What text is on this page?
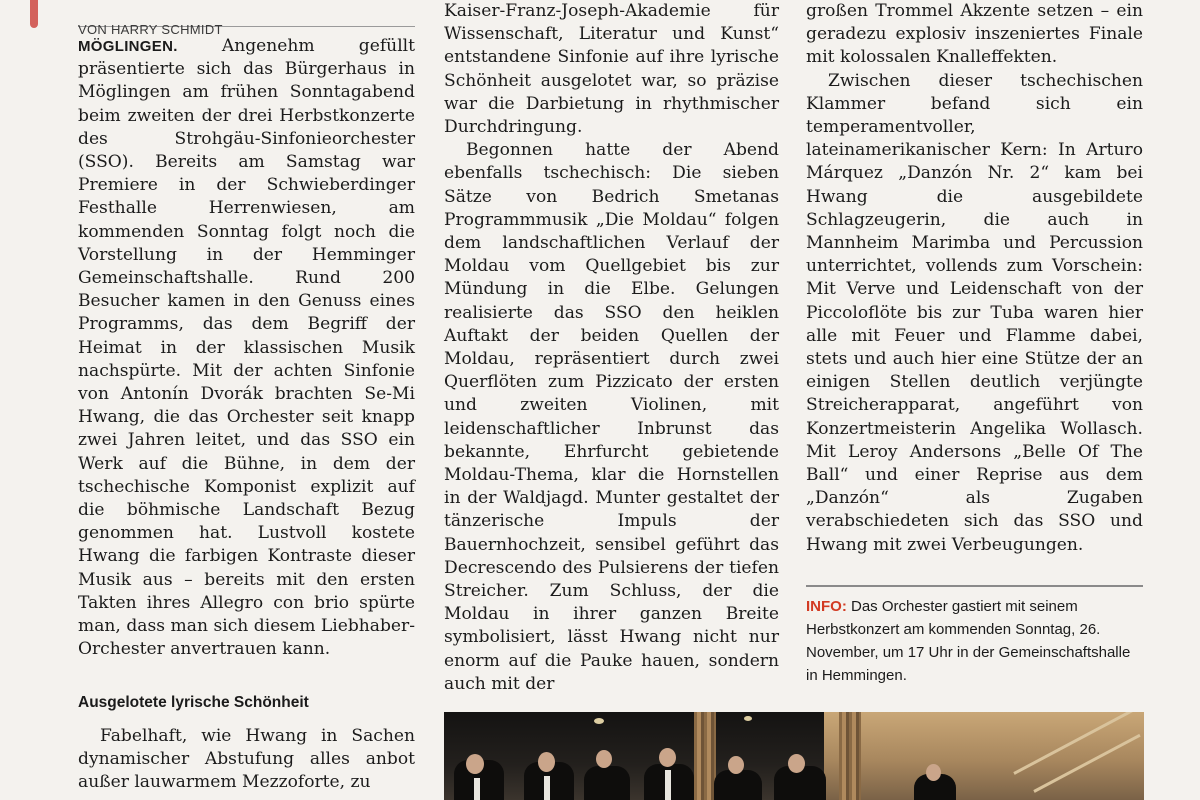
VON HARRY SCHMIDT

MÖGLINGEN.	Angenehm gefüllt präsentierte sich das Bürgerhaus in Möglingen am frühen Sonntagabend beim zweiten der drei Herbstkonzerte des Strohgäu-Sinfonieorchester (SSO). Bereits am Samstag war Premiere in der Schwieberdinger Festhalle Herrenwiesen, am kommenden Sonntag folgt noch die Vorstellung in der Hemminger Gemeinschaftshalle. Rund 200 Besucher kamen in den Genuss eines Programms, das dem Begriff der Heimat in der klassischen Musik nachspürte. Mit der achten Sinfonie von Antonín Dvorák brachten Se-Mi Hwang, die das Orchester seit knapp zwei Jahren leitet, und das SSO ein Werk auf die Bühne, in dem der tschechische Komponist explizit auf die böhmische Landschaft Bezug genommen hat. Lustvoll kostete Hwang die farbigen Kontraste dieser Musik aus – bereits mit den ersten Takten ihres Allegro con brio spürte man, dass man sich diesem Liebhaber-Orchester anvertrauen kann.

Ausgelotete lyrische Schönheit

Fabelhaft, wie Hwang in Sachen dynamischer Abstufung alles anbot außer lauwarmem Mezzoforte, zu

Kaiser-Franz-Joseph-Akademie für Wissenschaft, Literatur und Kunst“ entstandene Sinfonie auf ihre lyrische Schönheit ausgelotet war, so präzise war die Darbietung in rhythmischer Durchdringung.

Begonnen hatte der Abend ebenfalls tschechisch: Die sieben Sätze von Bedrich Smetanas Programmmusik „Die Moldau“ folgen dem landschaftlichen Verlauf der Moldau vom Quellgebiet bis zur Mündung in die Elbe. Gelungen realisierte das SSO den heiklen Auftakt der beiden Quellen der Moldau, repräsentiert durch zwei Querflöten zum Pizzicato der ersten und zweiten Violinen, mit leidenschaftlicher Inbrunst das bekannte, Ehrfurcht gebietende Moldau-Thema, klar die Hornstellen in der Waldjagd. Munter gestaltet der tänzerische Impuls der Bauernhochzeit, sensibel geführt das Decrescendo des Pulsierens der tiefen Streicher. Zum Schluss, der die Moldau in ihrer ganzen Breite symbolisiert, lässt Hwang nicht nur enorm auf die Pauke hauen, sondern auch mit der

großen Trommel Akzente setzen – ein geradezu explosiv inszeniertes Finale mit kolossalen Knalleffekten.

Zwischen dieser tschechischen Klammer befand sich ein temperamentvoller, lateinamerikanischer Kern: In Arturo Márquez „Danzón Nr. 2“ kam bei Hwang die ausgebildete Schlagzeugerin, die auch in Mannheim Marimba und Percussion unterrichtet, vollends zum Vorschein: Mit Verve und Leidenschaft von der Piccoloflöte bis zur Tuba waren hier alle mit Feuer und Flamme dabei, stets und auch hier eine Stütze der an einigen Stellen deutlich verjüngte Streicherapparat, angeführt von Konzertmeisterin Angelika Wollasch. Mit Leroy Andersons „Belle Of The Ball“ und einer Reprise aus dem „Danzón“ als Zugaben verabschiedeten sich das SSO und Hwang mit zwei Verbeugungen.

INFO: Das Orchester gastiert mit seinem Herbstkonzert am kommenden Sonntag, 26. November, um 17 Uhr in der Gemeinschaftshalle in Hemmingen.
